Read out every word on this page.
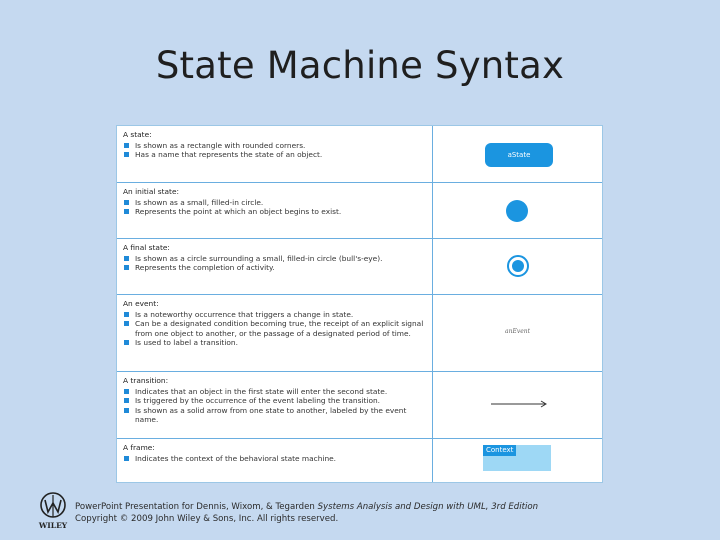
State Machine Syntax
A state:
Is shown as a rectangle with rounded corners.
Has a name that represents the state of an object.	aState
An initial state:
Is shown as a small, filled-in circle.
Represents the point at which an object begins to exist.
A final state:
Is shown as a circle surrounding a small, filled-in circle (bull's-eye).
Represents the completion of activity.
An event:
Is a noteworthy occurrence that triggers a change in state.
Can be a designated condition becoming true, the receipt of an explicit signal
from one object to another, or the passage of a designated period of time.
Is used to label a transition.
anEvent
A transition:
Indicates that an object in the first state will enter the second state.
Is triggered by the occurrence of the event labeling the transition.
Is shown as a solid arrow from one state to another, labeled by the event name.
A frame:
Indicates the context of the behavioral state machine.
Context
WILEY
PowerPoint Presentation for Dennis, Wixom, & Tegarden Systems Analysis and Design with UML, 3rd Edition
Copyright © 2009 John Wiley & Sons, Inc. All rights reserved.
